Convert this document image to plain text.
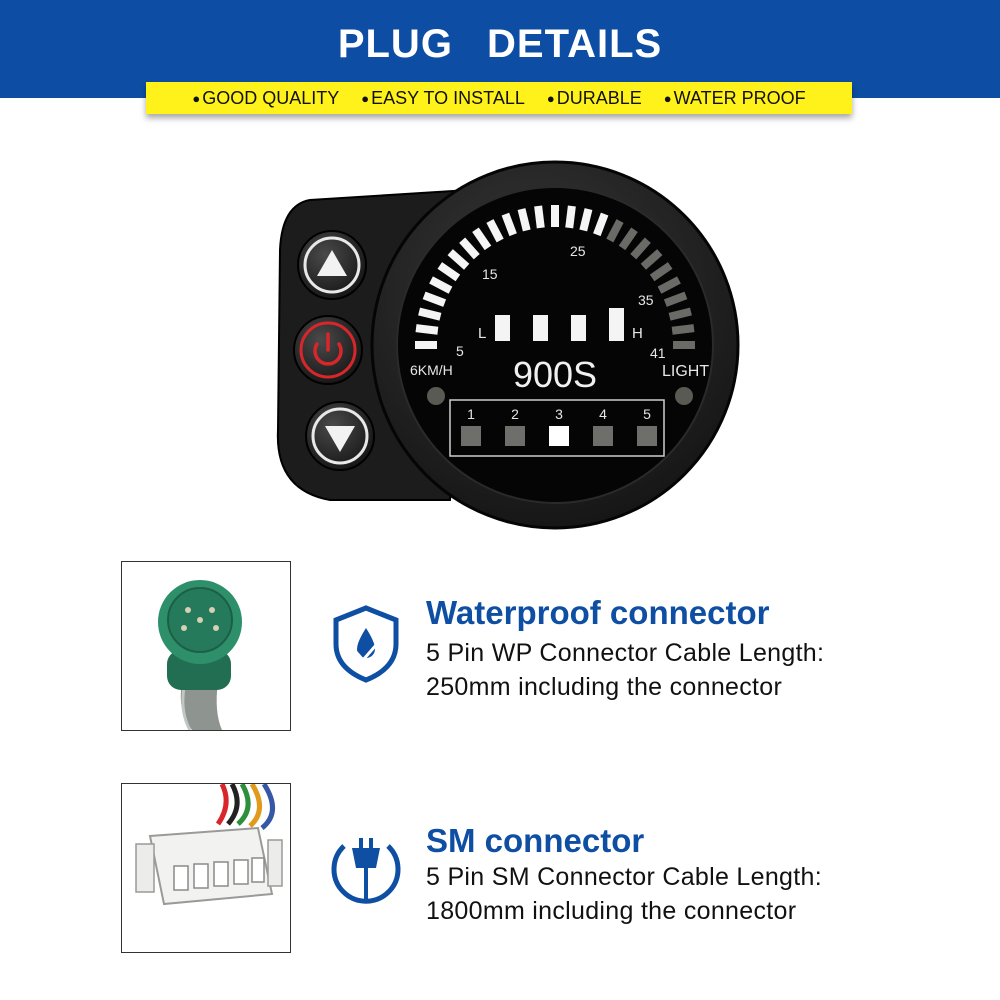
PLUG DETAILS
● GOOD QUALITY	● EASY TO INSTALL	● DURABLE	● WATER PROOF
5
15
25
35
41
6KM/H	LIGHT
L	H
900S
1	2	3	4	5
Waterproof connector
5 Pin WP Connector Cable Length:
250mm including the connector
SM connector
5 Pin SM Connector Cable Length:
1800mm including the connector
